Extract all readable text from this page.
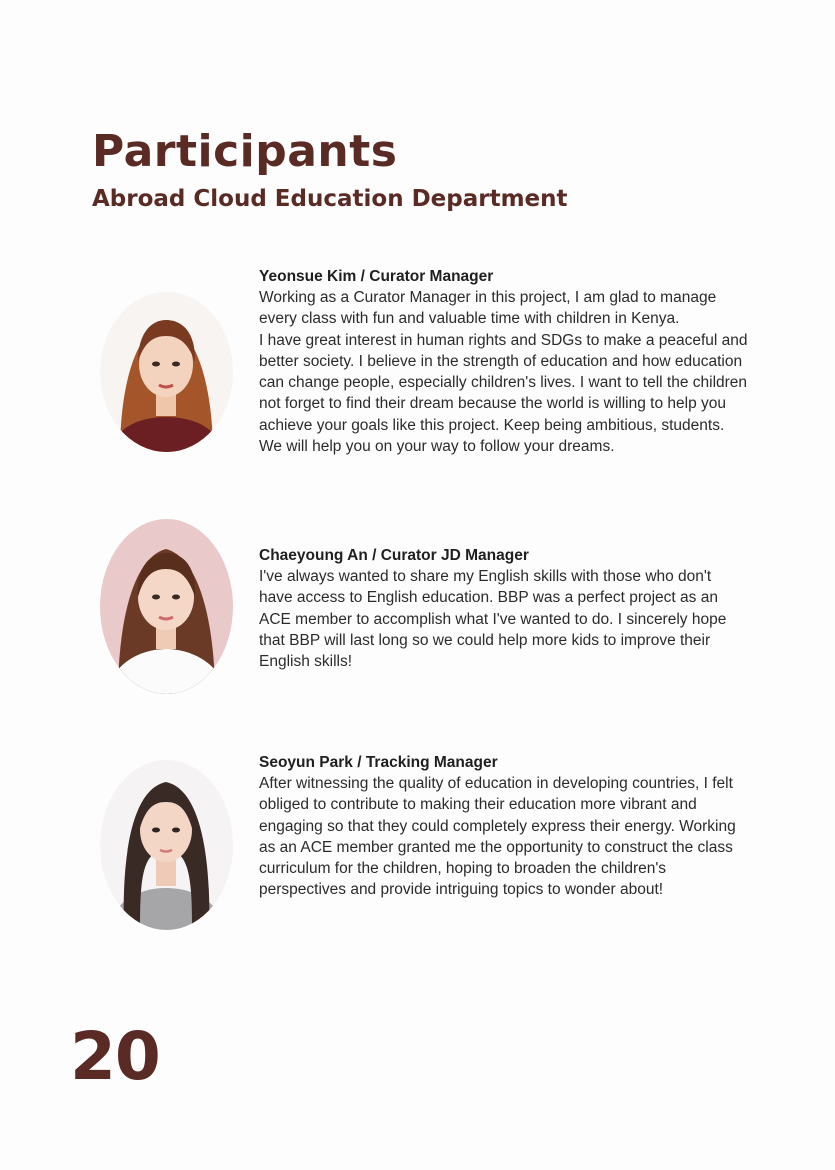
Participants
Abroad Cloud Education Department

Yeonsue Kim / Curator Manager

Working as a Curator Manager in this project, I am glad to manage every class with fun and valuable time with children in Kenya.

I have great interest in human rights and SDGs to make a peaceful and better society. I believe in the strength of education and how education can change people, especially children's lives. I want to tell the children not forget to find their dream because the world is willing to help you achieve your goals like this project. Keep being ambitious, students. We will help you on your way to follow your dreams.

Chaeyoung An / Curator JD Manager

I've always wanted to share my English skills with those who don't have access to English education. BBP was a perfect project as an ACE member to accomplish what I've wanted to do. I sincerely hope that BBP will last long so we could help more kids to improve their English skills!

Seoyun Park / Tracking Manager

After witnessing the quality of education in developing countries, I felt obliged to contribute to making their education more vibrant and engaging so that they could completely express their energy. Working as an ACE member granted me the opportunity to construct the class curriculum for the children, hoping to broaden the children's perspectives and provide intriguing topics to wonder about!

20
